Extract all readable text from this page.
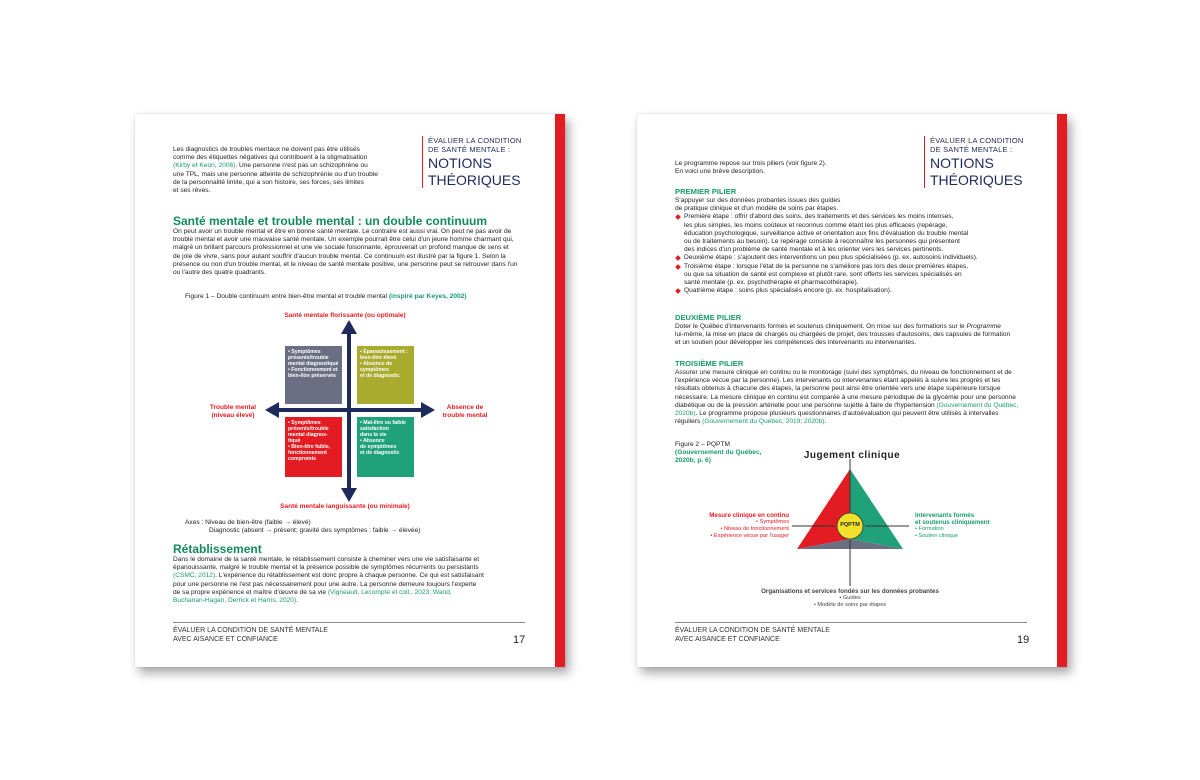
ÉVALUER LA CONDITION
DE SANTÉ MENTALE :
NOTIONS
THÉORIQUES
Les diagnostics de troubles mentaux ne doivent pas être utilisés
comme des étiquettes négatives qui contribuent à la stigmatisation
(Kirby et Keon, 2006). Une personne n'est pas un schizophrène ou
une TPL, mais une personne atteinte de schizophrénie ou d'un trouble
de la personnalité limite, qui a son histoire, ses forces, ses limites
et ses rêves.
Santé mentale et trouble mental : un double continuum
On peut avoir un trouble mental et être en bonne santé mentale. Le contraire est aussi vrai. On peut ne pas avoir de
trouble mental et avoir une mauvaise santé mentale. Un exemple pourrait être celui d'un jeune homme charmant qui,
malgré un brillant parcours professionnel et une vie sociale foisonnante, éprouverait un profond manque de sens et
de joie de vivre, sans pour autant souffrir d'aucun trouble mental. Ce continuum est illustré par la figure 1. Selon la
présence ou non d'un trouble mental, et le niveau de santé mentale positive, une personne peut se retrouver dans l'un
ou l'autre des quatre quadrants.
Figure 1 – Double continuum entre bien-être mental et trouble mental (inspiré par Keyes, 2002)
Santé mentale florissante (ou optimale)
Santé mentale languissante (ou minimale)
Trouble mental
(niveau élevé)
Absence de
trouble mental
• Symptômes
présents/trouble
mental diagnostiqué
• Fonctionnement et
bien-être préservés
• Épanouissement :
bien-être élevé
• Absence de
symptômes
et de diagnostic
• Symptômes
présents/trouble
mental diagnos-
tiqué
• Bien-être faible,
fonctionnement
compromis
• Mal-être ou faible
satisfaction
dans la vie
• Absence
de symptômes
et de diagnostic
Axes : Niveau de bien-être (faible → élevé)
Diagnostic (absent → présent; gravité des symptômes : faible → élevée)
Rétablissement
Dans le domaine de la santé mentale, le rétablissement consiste à cheminer vers une vie satisfaisante et
épanouissante, malgré le trouble mental et la présence possible de symptômes récurrents ou persistants
(CSMC, 2012). L'expérience du rétablissement est donc propre à chaque personne. Ce qui est satisfaisant
pour une personne ne l'est pas nécessairement pour une autre. La personne demeure toujours l'experte
de sa propre expérience et maître d'œuvre de sa vie (Vigneault, Lecompte et coll., 2023; Wand,
Buchanan-Hagan, Derrick et Harris, 2020).
ÉVALUER LA CONDITION DE SANTÉ MENTALE
AVEC AISANCE ET CONFIANCE	17
ÉVALUER LA CONDITION
DE SANTÉ MENTALE :
NOTIONS
THÉORIQUES
Le programme repose sur trois piliers (voir figure 2).
En voici une brève description.
PREMIER PILIER
S'appuyer sur des données probantes issues des guides
de pratique clinique et d'un modèle de soins par étapes.
Première étape : offrir d'abord des soins, des traitements et des services les moins intenses,
les plus simples, les moins coûteux et reconnus comme étant les plus efficaces (repérage,
éducation psychologique, surveillance active et orientation aux fins d'évaluation du trouble mental
ou de traitements au besoin). Le repérage consiste à reconnaître les personnes qui présentent
des indices d'un problème de santé mentale et à les orienter vers les services pertinents.
Deuxième étape : s'ajoutent des interventions un peu plus spécialisées (p. ex. autosoins individuels).
Troisième étape : lorsque l'état de la personne ne s'améliore pas lors des deux premières étapes,
ou que sa situation de santé est complexe et plutôt rare, sont offerts les services spécialisés en
santé mentale (p. ex. psychothérapie et pharmacothérapie).
Quatrième étape : soins plus spécialisés encore (p. ex. hospitalisation).
DEUXIÈME PILIER
Doter le Québec d'intervenants formés et soutenus cliniquement. On mise sur des formations sur le Programme
lui-même, la mise en place de chargés ou chargées de projet, des trousses d'autosoins, des capsules de formation
et un soutien pour développer les compétences des intervenants ou intervenantes.
TROISIÈME PILIER
Assurer une mesure clinique en continu ou le monitorage (suivi des symptômes, du niveau de fonctionnement et de
l'expérience vécue par la personne). Les intervenants ou intervenantes étant appelés à suivre les progrès et les
résultats obtenus à chacune des étapes, la personne peut ainsi être orientée vers une étape supérieure lorsque
nécessaire. La mesure clinique en continu est comparée à une mesure périodique de la glycémie pour une personne
diabétique ou de la pression artérielle pour une personne sujette à faire de l'hypertension (Gouvernement du Québec,
2020b). Le programme propose plusieurs questionnaires d'autoévaluation qui peuvent être utilisés à intervalles
réguliers (Gouvernement du Québec, 2019; 2020b).
Figure 2 – PQPTM
(Gouvernement du Québec,
2020b, p. 6)	Jugement clinique
PQPTM
Mesure clinique en continu
• Symptômes
• Niveau de fonctionnement
• Expérience vécue par l'usager
Intervenants formés
et soutenus cliniquement
• Formation
• Soutien clinique
Organisations et services fondés sur les données probantes
• Guides
• Modèle de soins par étapes
ÉVALUER LA CONDITION DE SANTÉ MENTALE
AVEC AISANCE ET CONFIANCE	19
